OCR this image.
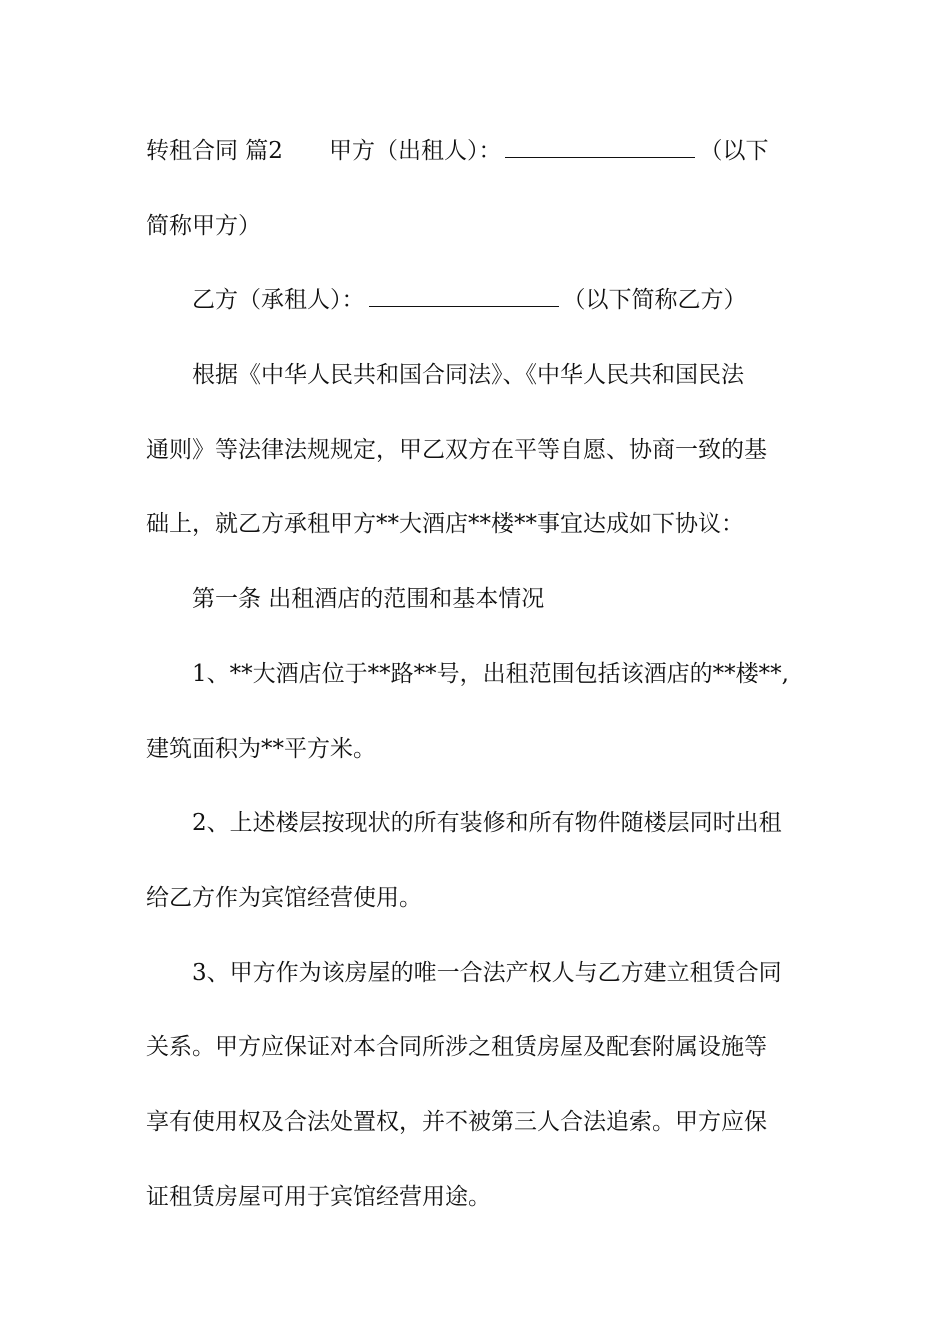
转租合同 篇2 甲方（出租人）：	（以下
简称甲方）
乙方（承租人）：	（以下简称乙方）
根据《中华人民共和国合同法》、《中华人民共和国民法
通则》等法律法规规定，甲乙双方在平等自愿、协商一致的基
础上，就乙方承租甲方**大酒店**楼**事宜达成如下协议：
第一条 出租酒店的范围和基本情况
1、**大酒店位于**路**号，出租范围包括该酒店的**楼**,
建筑面积为**平方米。
2、上述楼层按现状的所有装修和所有物件随楼层同时出租
给乙方作为宾馆经营使用。
3、甲方作为该房屋的唯一合法产权人与乙方建立租赁合同
关系。甲方应保证对本合同所涉之租赁房屋及配套附属设施等
享有使用权及合法处置权，并不被第三人合法追索。甲方应保
证租赁房屋可用于宾馆经营用途。
